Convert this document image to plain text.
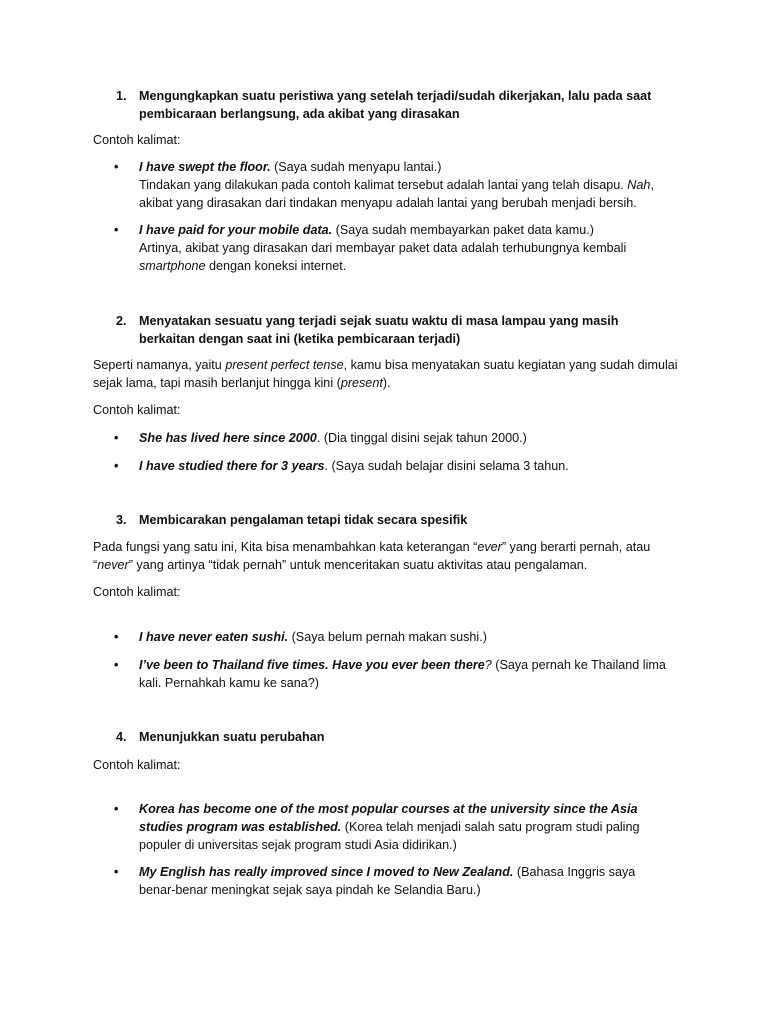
1. Mengungkapkan suatu peristiwa yang setelah terjadi/sudah dikerjakan, lalu pada saat pembicaraan berlangsung, ada akibat yang dirasakan
Contoh kalimat:
• I have swept the floor. (Saya sudah menyapu lantai.)
Tindakan yang dilakukan pada contoh kalimat tersebut adalah lantai yang telah disapu. Nah, akibat yang dirasakan dari tindakan menyapu adalah lantai yang berubah menjadi bersih.
• I have paid for your mobile data. (Saya sudah membayarkan paket data kamu.)
Artinya, akibat yang dirasakan dari membayar paket data adalah terhubungnya kembali smartphone dengan koneksi internet.
2. Menyatakan sesuatu yang terjadi sejak suatu waktu di masa lampau yang masih berkaitan dengan saat ini (ketika pembicaraan terjadi)
Seperti namanya, yaitu present perfect tense, kamu bisa menyatakan suatu kegiatan yang sudah dimulai sejak lama, tapi masih berlanjut hingga kini (present).
Contoh kalimat:
• She has lived here since 2000. (Dia tinggal disini sejak tahun 2000.)
• I have studied there for 3 years. (Saya sudah belajar disini selama 3 tahun.
3. Membicarakan pengalaman tetapi tidak secara spesifik
Pada fungsi yang satu ini, Kita bisa menambahkan kata keterangan “ever” yang berarti pernah, atau “never” yang artinya “tidak pernah” untuk menceritakan suatu aktivitas atau pengalaman.
Contoh kalimat:
• I have never eaten sushi. (Saya belum pernah makan sushi.)
• I’ve been to Thailand five times. Have you ever been there? (Saya pernah ke Thailand lima kali. Pernahkah kamu ke sana?)
4. Menunjukkan suatu perubahan
Contoh kalimat:
• Korea has become one of the most popular courses at the university since the Asia studies program was established. (Korea telah menjadi salah satu program studi paling populer di universitas sejak program studi Asia didirikan.)
• My English has really improved since I moved to New Zealand. (Bahasa Inggris saya benar-benar meningkat sejak saya pindah ke Selandia Baru.)
